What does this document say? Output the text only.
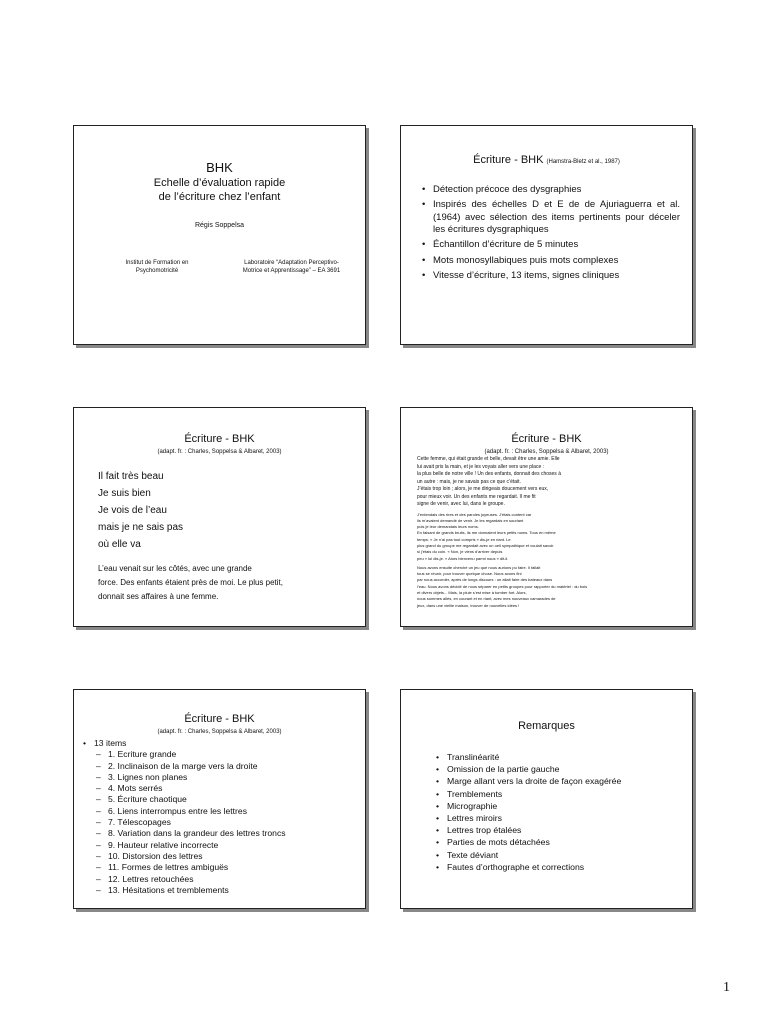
BHK
Echelle d’évaluation rapide
de l’écriture chez l’enfant
Régis Soppelsa
Institut de Formation en
Psychomotricité
Laboratoire “Adaptation Perceptivo-
Motrice et Apprentissage” – EA 3691
Écriture - BHK (Hamstra-Bletz et al., 1987)
• Détection précoce des dysgraphies
• Inspirés des échelles D et E de de Ajuriaguerra et al. (1964) avec sélection des items pertinents pour déceler les écritures dysgraphiques
• Échantillon d’écriture de 5 minutes
• Mots monosyllabiques puis mots complexes
• Vitesse d’écriture, 13 items, signes cliniques
Écriture - BHK
(adapt. fr. : Charles, Soppelsa & Albaret, 2003)
Il fait très beau
Je suis bien
Je vois de l’eau
mais je ne sais pas
où elle va
L’eau venait sur les côtés, avec une grande
force. Des enfants étaient près de moi. Le plus petit,
donnait ses affaires à une femme.
Écriture - BHK
(adapt. fr. : Charles, Soppelsa & Albaret, 2003)

Cette femme, qui était grande et belle, devait être une amie. Elle
lui avait pris la main, et je les voyais aller vers une place :
la plus belle de notre ville ! Un des enfants, donnait des choses à
un autre : mais, je ne savais pas ce que c’était.
J’étais trop loin ; alors, je me dirigeais doucement vers eux,
pour mieux voir. Un des enfants me regardait. Il me fit
signe de venir, avec lui, dans le groupe.

J’entendais des rires et des paroles joyeuses. J’étais content car
ils m’avaient demandé de venir. Je les regardais en souriant
puis je leur demandais leurs noms.
En faisant de grands bruits, ils me donnaient leurs petits noms. Tous en même
temps. « Je n’ai pas tout compris » dis-je en riant. Le
plus grand du groupe me regardait avec un oeil sympathique et voulait savoir
si j’étais du coin. « Non, je viens d’arriver depuis
peu » lui dis-je. « Alors bienvenu parmi nous » dit-il.

Nous avons ensuite cherché un jeu que nous aurions pu faire. Il fallait
tous se réunir, pour trouver quelque chose. Nous avons fini
par nous accorder, après de longs discours : on allait faire des bateaux dans
l’eau. Nous avons décidé de nous séparer en petits groupes pour rapporter du matériel : du bois
et divers objets... Mais, la pluie s’est mise à tomber fort. Alors,
nous sommes allés, en courant et en riant, avec mes nouveaux camarades de
jeux, dans une vieille maison, trouver de nouvelles idées !

Écriture - BHK
(adapt. fr. : Charles, Soppelsa & Albaret, 2003)
• 13 items
– 1. Ecriture grande
– 2. Inclinaison de la marge vers la droite
– 3. Lignes non planes
– 4. Mots serrés
– 5. Écriture chaotique
– 6. Liens interrompus entre les lettres
– 7. Télescopages
– 8. Variation dans la grandeur des lettres troncs
– 9. Hauteur relative incorrecte
– 10. Distorsion des lettres
– 11. Formes de lettres ambiguës
– 12. Lettres retouchées
– 13. Hésitations et tremblements
Remarques
• Translinéarité
• Omission de la partie gauche
• Marge allant vers la droite de façon exagérée
• Tremblements
• Micrographie
• Lettres miroirs
• Lettres trop étalées
• Parties de mots détachées
• Texte déviant
• Fautes d’orthographe et corrections
1
